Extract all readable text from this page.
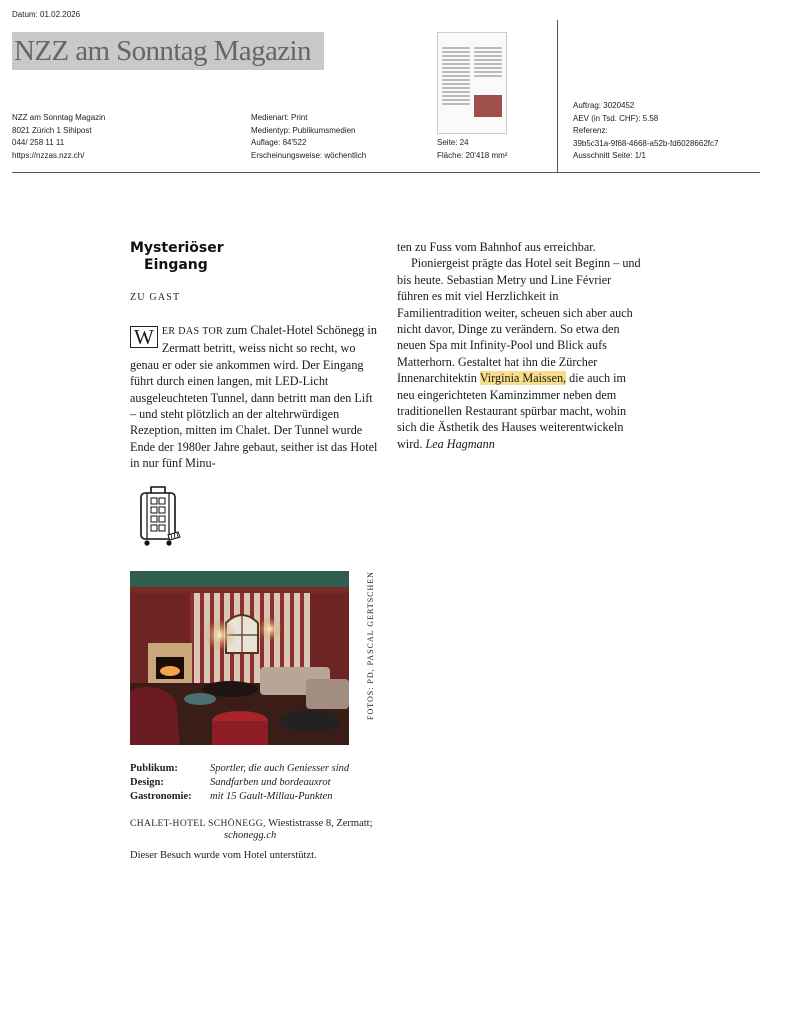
Datum: 01.02.2026
NZZ am Sonntag Magazin
NZZ am Sonntag Magazin
8021 Zürich 1 Sihlpost
044/ 258 11 11
https://nzzas.nzz.ch/
Medienart: Print
Medientyp: Publikumsmedien
Auflage: 84'522
Erscheinungsweise: wöchentlich
Seite: 24
Fläche: 20'418 mm²
Auftrag: 3020452
AEV (in Tsd. CHF): 5.58
Referenz:
39b5c31a-9f68-4668-a52b-fd6028662fc7
Ausschnitt Seite: 1/1
Mysteriöser
Eingang
ZU GAST
W ER DAS TOR zum Chalet-Hotel Schönegg in Zermatt betritt, weiss nicht so recht, wo genau er oder sie ankommen wird. Der Eingang führt durch einen langen, mit LED-Licht ausgeleuchteten Tunnel, dann betritt man den Lift – und steht plötzlich an der altehrwürdigen Rezeption, mitten im Chalet. Der Tunnel wurde Ende der 1980er Jahre gebaut, seither ist das Hotel in nur fünf Minu-
ten zu Fuss vom Bahnhof aus erreichbar.
Pioniergeist prägte das Hotel seit Beginn – und bis heute. Sebastian Metry und Line Février führen es mit viel Herzlichkeit in Familientradition weiter, scheuen sich aber auch nicht davor, Dinge zu verändern. So etwa den neuen Spa mit Infinity-Pool und Blick aufs Matterhorn. Gestaltet hat ihn die Zürcher Innenarchitektin Virginia Maissen, die auch im neu eingerichteten Kaminzimmer neben dem traditionellen Restaurant spürbar macht, wohin sich die Ästhetik des Hauses weiterentwickeln wird. Lea Hagmann
FOTOS: PD, PASCAL GERTSCHEN
Publikum:	Sportler, die auch Geniesser sind
Design:	Sandfarben und bordeauxrot
Gastronomie: mit 15 Gault-Millau-Punkten
CHALET-HOTEL SCHÖNEGG, Wiestistrasse 8, Zermatt;
schonegg.ch
Dieser Besuch wurde vom Hotel unterstützt.
